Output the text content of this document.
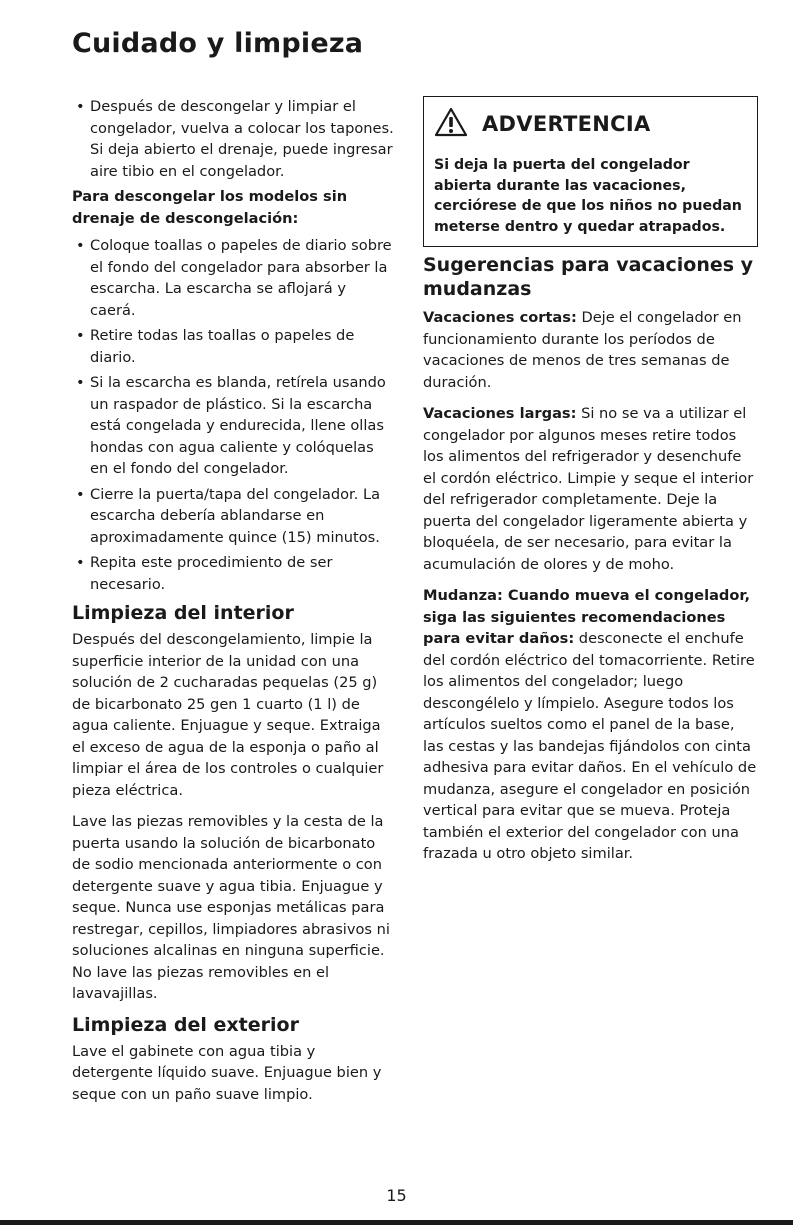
Cuidado y limpieza
• Después de descongelar y limpiar el congelador, vuelva a colocar los tapones. Si deja abierto el drenaje, puede ingresar aire tibio en el congelador.

Para descongelar los modelos sin drenaje de descongelación:

• Coloque toallas o papeles de diario sobre el fondo del congelador para absorber la escarcha. La escarcha se aflojará y caerá.
• Retire todas las toallas o papeles de diario.
• Si la escarcha es blanda, retírela usando un raspador de plástico. Si la escarcha está congelada y endurecida, llene ollas hondas con agua caliente y colóquelas en el fondo del congelador.
• Cierre la puerta/tapa del congelador. La escarcha debería ablandarse en aproximadamente quince (15) minutos.
• Repita este procedimiento de ser necesario.
Limpieza del interior

Después del descongelamiento, limpie la superficie interior de la unidad con una solución de 2 cucharadas pequelas (25 g) de bicarbonato 25 gen 1 cuarto (1 l) de agua caliente. Enjuague y seque. Extraiga el exceso de agua de la esponja o paño al limpiar el área de los controles o cualquier pieza eléctrica.

Lave las piezas removibles y la cesta de la puerta usando la solución de bicarbonato de sodio mencionada anteriormente o con detergente suave y agua tibia. Enjuague y seque. Nunca use esponjas metálicas para restregar, cepillos, limpiadores abrasivos ni soluciones alcalinas en ninguna superficie. No lave las piezas removibles en el lavavajillas.

Limpieza del exterior

Lave el gabinete con agua tibia y detergente líquido suave. Enjuague bien y seque con un paño suave limpio.

ADVERTENCIA

Si deja la puerta del congelador abierta durante las vacaciones, cerciórese de que los niños no puedan meterse dentro y quedar atrapados.

Sugerencias para vacaciones y mudanzas

Vacaciones cortas: Deje el congelador en funcionamiento durante los períodos de vacaciones de menos de tres semanas de duración.

Vacaciones largas: Si no se va a utilizar el congelador por algunos meses retire todos los alimentos del refrigerador y desenchufe el cordón eléctrico. Limpie y seque el interior del refrigerador completamente. Deje la puerta del congelador ligeramente abierta y bloquéela, de ser necesario, para evitar la acumulación de olores y de moho.

Mudanza: Cuando mueva el congelador, siga las siguientes recomendaciones para evitar daños: desconecte el enchufe del cordón eléctrico del tomacorriente. Retire los alimentos del congelador; luego descongélelo y límpielo. Asegure todos los artículos sueltos como el panel de la base, las cestas y las bandejas fijándolos con cinta adhesiva para evitar daños. En el vehículo de mudanza, asegure el congelador en posición vertical para evitar que se mueva. Proteja también el exterior del congelador con una frazada u otro objeto similar.

15
